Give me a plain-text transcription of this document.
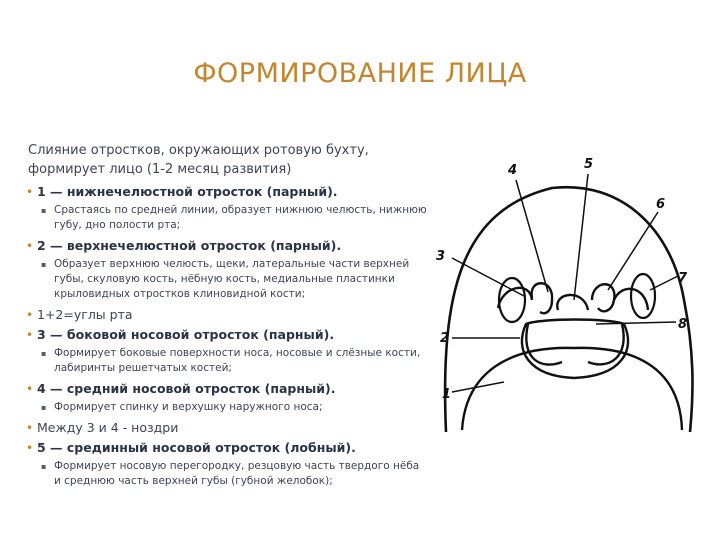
ФОРМИРОВАНИЕ ЛИЦА
Слияние отростков, окружающих ротовую бухту, формирует лицо (1-2 месяц развития)
• 1 — нижнечелюстной отросток (парный).
▪ Срастаясь по средней линии, образует нижнюю челюсть, нижнюю губу, дно полости рта;
• 2 — верхнечелюстной отросток (парный).
▪ Образует верхнюю челюсть, щеки, латеральные части верхней губы, скуловую кость, нёбную кость, медиальные пластинки крыловидных отростков клиновидной кости;
• 1+2=углы рта
• 3 — боковой носовой отросток (парный).
▪ Формирует боковые поверхности носа, носовые и слёзные кости, лабиринты решетчатых костей;
• 4 — средний носовой отросток (парный).
▪ Формирует спинку и верхушку наружного носа;
• Между 3 и 4 - ноздри
• 5 — срединный носовой отросток (лобный).
▪ Формирует носовую перегородку, резцовую часть твердого нёба и среднюю часть верхней губы (губной желобок);
4	5
6
3
7
2
8
1
